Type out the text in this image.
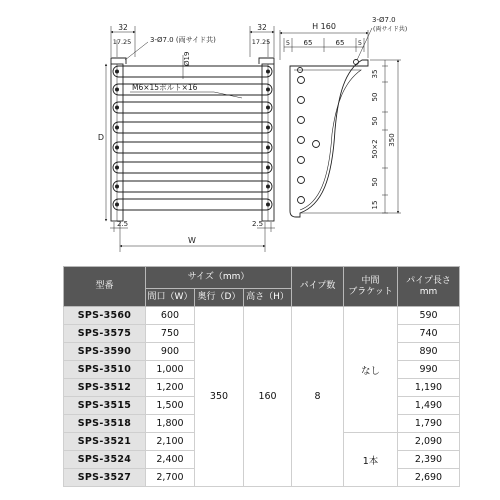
32
17.25	3-Ø7.0 (両サイド共)
32
17.25
Ø19
M6×15ボルト×16
D
2.5	2.5
W
H 160
3-Ø7.0
(両サイド共)
5 65	65 5
35
50
50
50×2 350
50
15
型番	サイズ（mm）			パイプ数	中間
ブラケット	パイプ長さ
mm
	間口（W）	奥行（D）	高さ（H）			
SPS-3560	600	350	160	8	なし	590
SPS-3575	750					740
SPS-3590	900					890
SPS-3510	1,000					990
SPS-3512	1,200					1,190
SPS-3515	1,500					1,490
SPS-3518	1,800					1,790
SPS-3521	2,100				1本	2,090
SPS-3524	2,400					2,390
SPS-3527	2,700					2,690
